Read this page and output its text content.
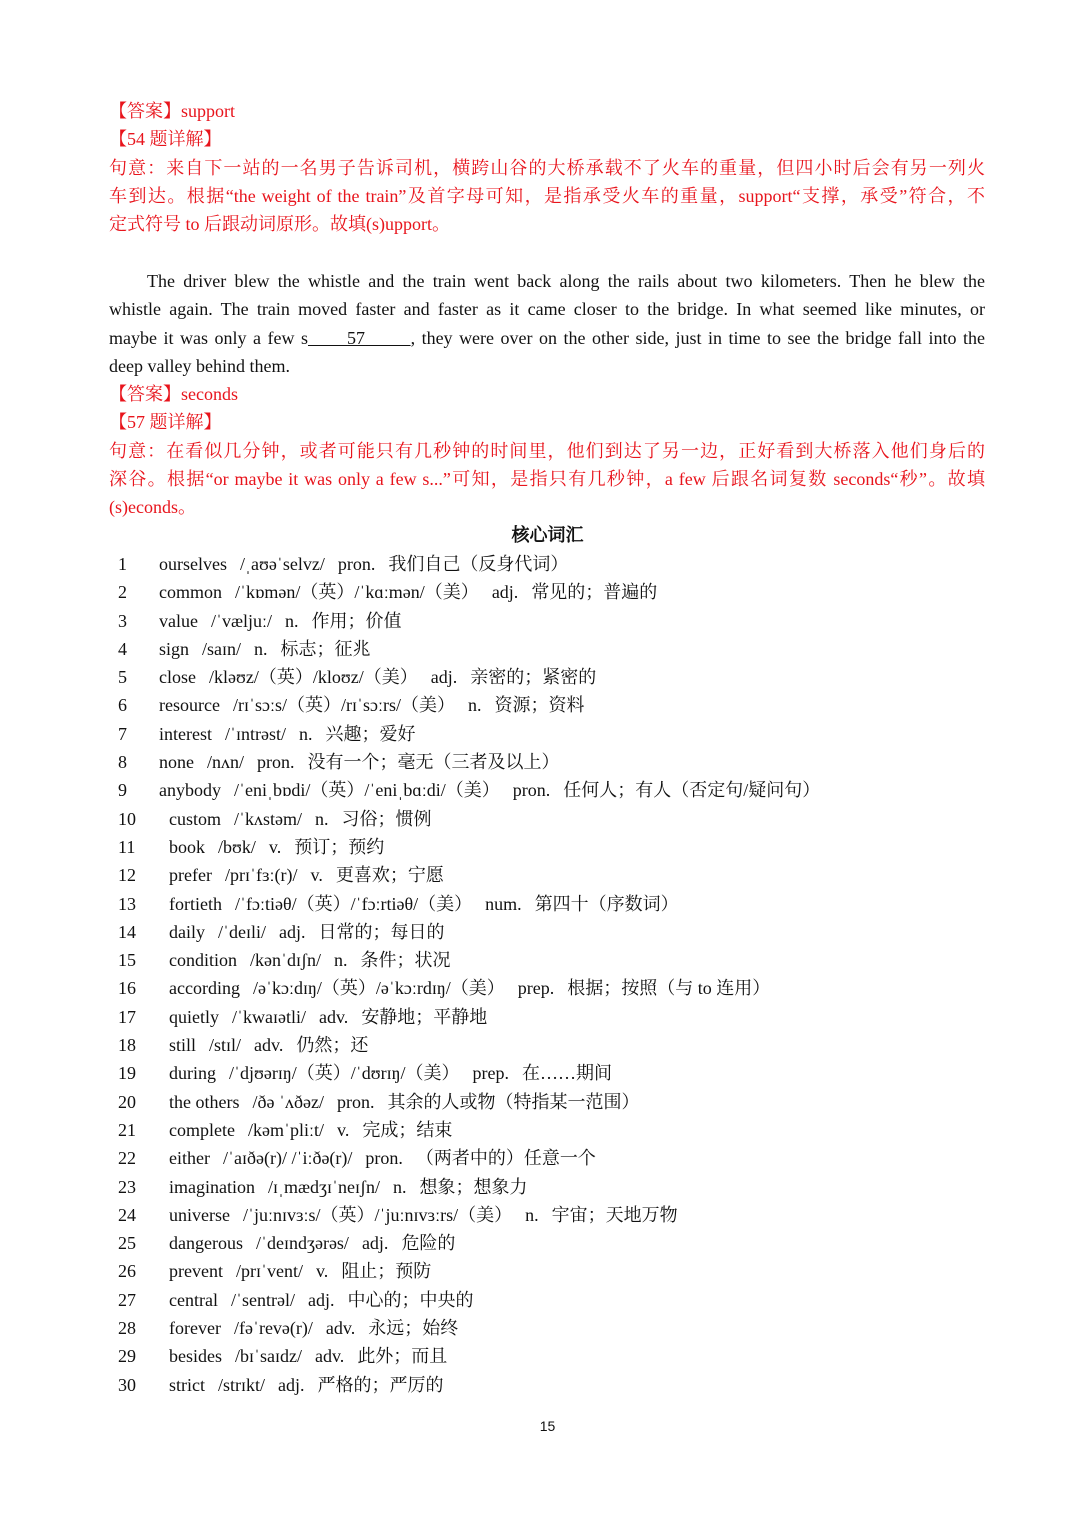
【答案】support
【54 题详解】
句意：来自下一站的一名男子告诉司机，横跨山谷的大桥承载不了火车的重量，但四小时后会有另一列火
车到达。根据“the weight of the train”及首字母可知，是指承受火车的重量，support“支撑，承受”符合，不
定式符号 to 后跟动词原形。故填(s)upport。
The driver blew the whistle and the train went back along the rails about two kilometers. Then he blew the
whistle again. The train moved faster and faster as it came closer to the bridge. In what seemed like minutes, or
maybe it was only a few s 57	, they were over on the other side, just in time to see the bridge fall into the
deep valley behind them.
【答案】seconds
【57 题详解】
句意：在看似几分钟，或者可能只有几秒钟的时间里，他们到达了另一边，正好看到大桥落入他们身后的
深谷。根据“or maybe it was only a few s...”可知，是指只有几秒钟，a few 后跟名词复数 seconds“秒”。故填
(s)econds。
核心词汇
1 ourselves /ˌaʊəˈselvz/ pron. 我们自己（反身代词）
2 common /ˈkɒmən/（英）/ˈkɑːmən/（美） adj. 常见的；普遍的
3 value /ˈvæljuː/ n. 作用；价值
4 sign /saɪn/ n. 标志；征兆
5 close /kləʊz/（英）/kloʊz/（美） adj. 亲密的；紧密的
6 resource /rɪˈsɔːs/（英）/rɪˈsɔːrs/（美） n. 资源；资料
7 interest /ˈɪntrəst/ n. 兴趣；爱好
8 none /nʌn/ pron. 没有一个；毫无（三者及以上）
9 anybody /ˈeniˌbɒdi/（英）/ˈeniˌbɑːdi/（美） pron. 任何人；有人（否定句/疑问句）
10 custom /ˈkʌstəm/ n. 习俗；惯例
11 book /bʊk/ v. 预订；预约
12 prefer /prɪˈfɜː(r)/ v. 更喜欢；宁愿
13 fortieth /ˈfɔːtiəθ/（英）/ˈfɔːrtiəθ/（美） num. 第四十（序数词）
14 daily /ˈdeɪli/ adj. 日常的；每日的
15 condition /kənˈdɪʃn/ n. 条件；状况
16 according /əˈkɔːdɪŋ/（英）/əˈkɔːrdɪŋ/（美） prep. 根据；按照（与 to 连用）
17 quietly /ˈkwaɪətli/ adv. 安静地；平静地
18 still /stɪl/ adv. 仍然；还
19 during /ˈdjʊərɪŋ/（英）/ˈdʊrɪŋ/（美） prep. 在……期间
20 the others /ðə ˈʌðəz/ pron. 其余的人或物（特指某一范围）
21 complete /kəmˈpliːt/ v. 完成；结束
22 either /ˈaɪðə(r)/ /ˈiːðə(r)/ pron. （两者中的）任意一个
23 imagination /ɪˌmædʒɪˈneɪʃn/ n. 想象；想象力
24 universe /ˈjuːnɪvɜːs/（英）/ˈjuːnɪvɜːrs/（美） n. 宇宙；天地万物
25 dangerous /ˈdeɪndʒərəs/ adj. 危险的
26 prevent /prɪˈvent/ v. 阻止；预防
27 central /ˈsentrəl/ adj. 中心的；中央的
28 forever /fəˈrevə(r)/ adv. 永远；始终
29 besides /bɪˈsaɪdz/ adv. 此外；而且
30 strict /strɪkt/ adj. 严格的；严厉的
15
